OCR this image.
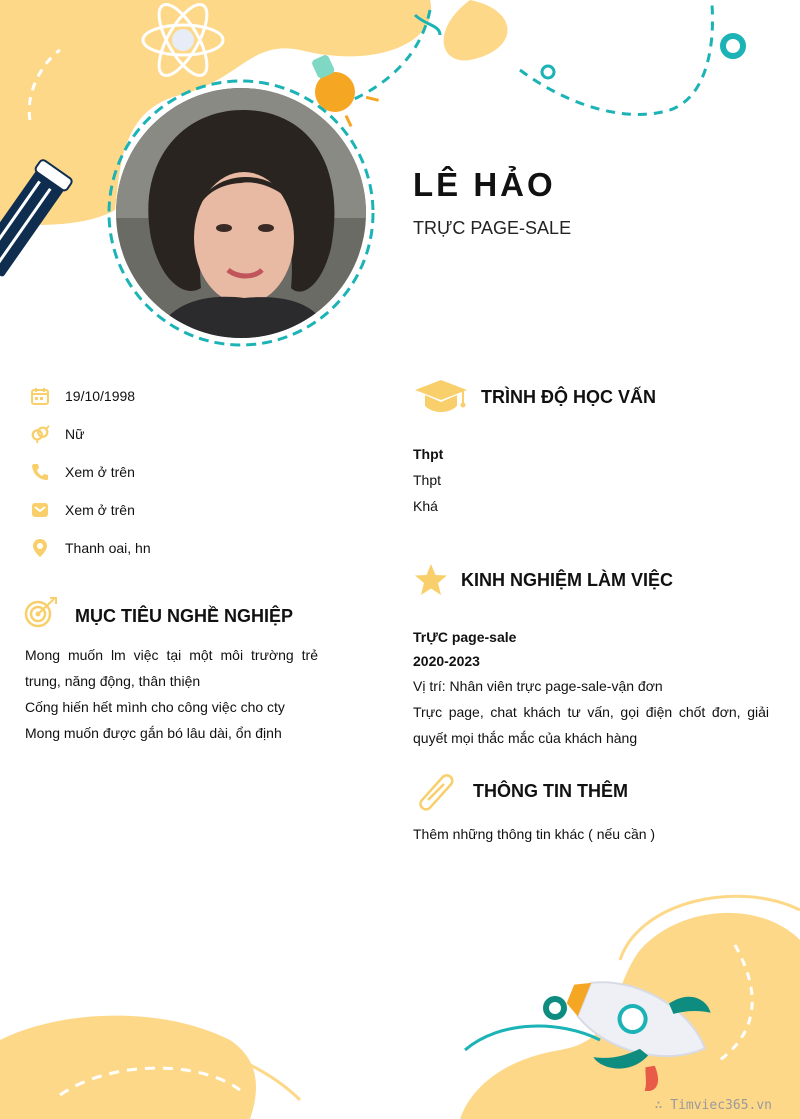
LÊ HẢO
TRỰC PAGE-SALE
19/10/1998
Nữ
Xem ở trên
Xem ở trên
Thanh oai, hn
MỤC TIÊU NGHỀ NGHIỆP
Mong muốn lm việc tại một môi trường trẻ trung, năng động, thân thiện
Cống hiến hết mình cho công việc cho cty
Mong muốn được gắn bó lâu dài, ổn định
TRÌNH ĐỘ HỌC VẤN
Thpt
Thpt
Khá
KINH NGHIỆM LÀM VIỆC
TrỰC page-sale
2020-2023
Vị trí: Nhân viên trực page-sale-vận đơn
Trực page, chat khách tư vấn, gọi điện chốt đơn, giải quyết mọi thắc mắc của khách hàng
THÔNG TIN THÊM
Thêm những thông tin khác ( nếu cần )
∴ Timviec365.vn
